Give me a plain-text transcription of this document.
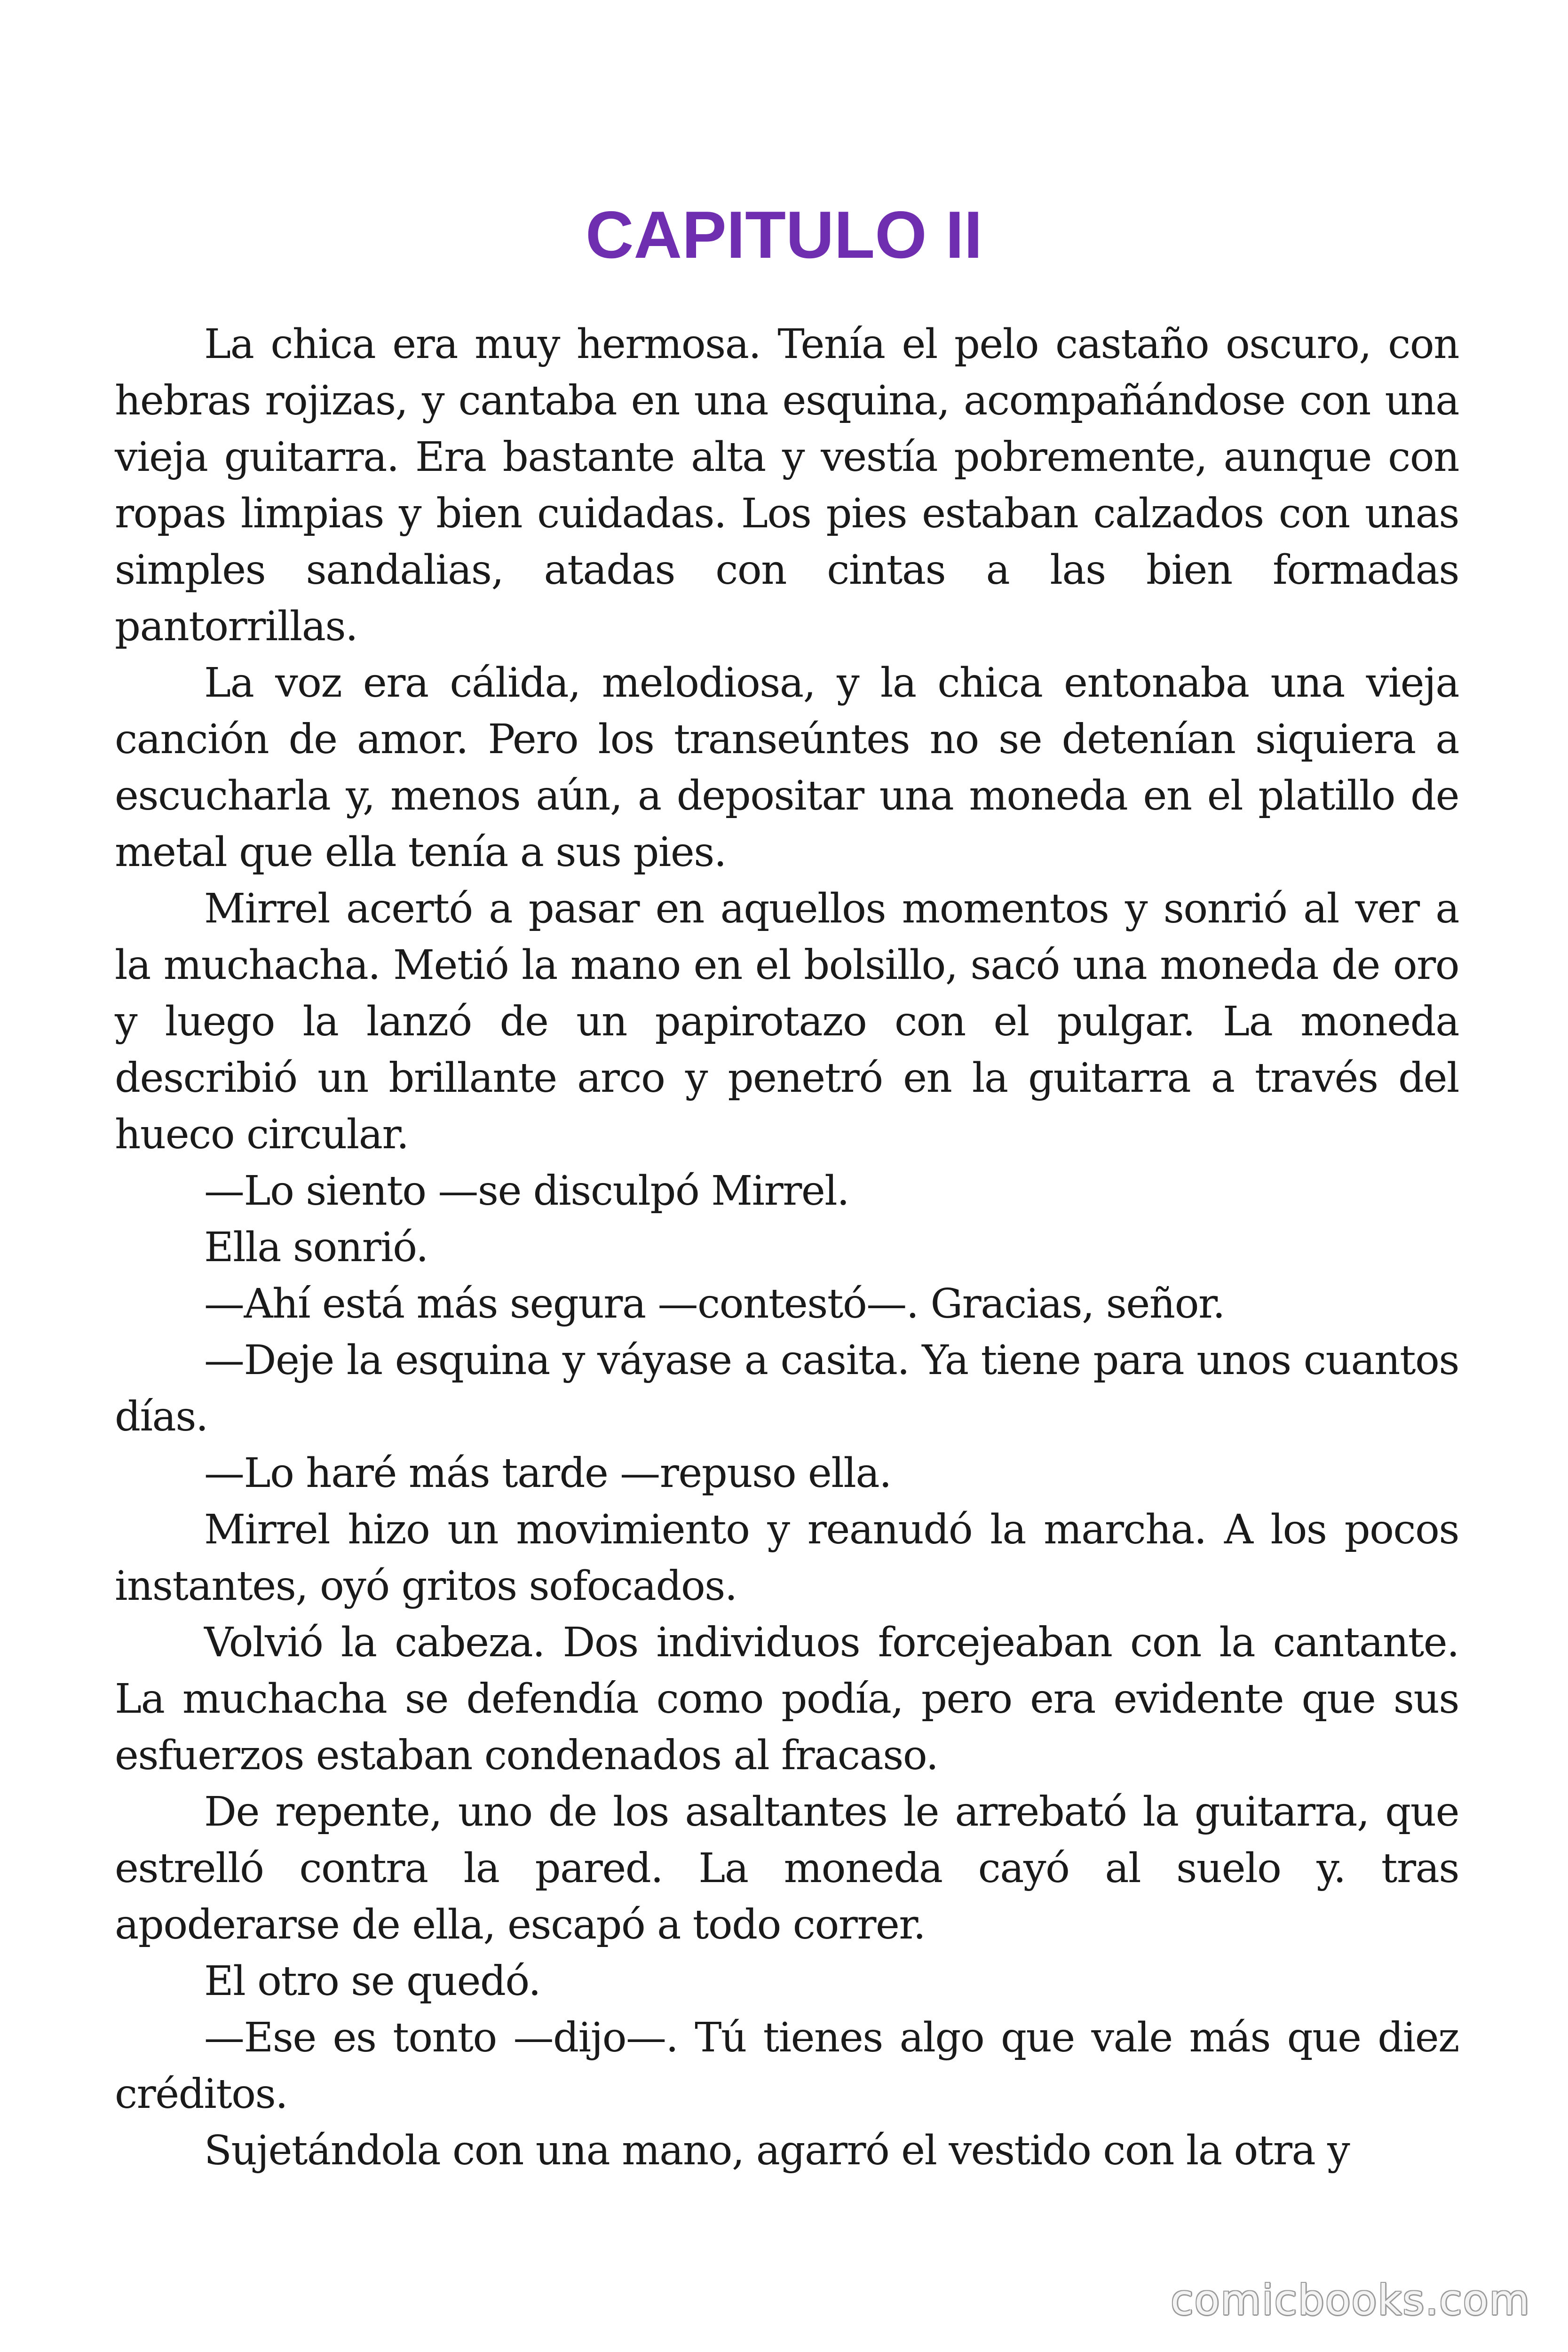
CAPITULO II

La chica era muy hermosa. Tenía el pelo castaño oscuro, con hebras rojizas, y cantaba en una esquina, acompañándose con una vieja guitarra. Era bastante alta y vestía pobremente, aunque con ropas limpias y bien cuidadas. Los pies estaban calzados con unas simples sandalias, atadas con cintas a las bien formadas pantorrillas.

La voz era cálida, melodiosa, y la chica entonaba una vieja canción de amor. Pero los transeúntes no se detenían siquiera a escucharla y, menos aún, a depositar una moneda en el platillo de metal que ella tenía a sus pies.

Mirrel acertó a pasar en aquellos momentos y sonrió al ver a la muchacha. Metió la mano en el bolsillo, sacó una moneda de oro y luego la lanzó de un papirotazo con el pulgar. La moneda describió un brillante arco y penetró en la guitarra a través del hueco circular.

—Lo siento —se disculpó Mirrel.

Ella sonrió.

—Ahí está más segura —contestó—. Gracias, señor.

—Deje la esquina y váyase a casita. Ya tiene para unos cuantos días.

—Lo haré más tarde —repuso ella.

Mirrel hizo un movimiento y reanudó la marcha. A los pocos instantes, oyó gritos sofocados.

Volvió la cabeza. Dos individuos forcejeaban con la cantante. La muchacha se defendía como podía, pero era evidente que sus esfuerzos estaban condenados al fracaso.

De repente, uno de los asaltantes le arrebató la guitarra, que estrelló contra la pared. La moneda cayó al suelo y. tras apoderarse de ella, escapó a todo correr.

El otro se quedó.

—Ese es tonto —dijo—. Tú tienes algo que vale más que diez créditos.

Sujetándola con una mano, agarró el vestido con la otra y

comicbooks.com
